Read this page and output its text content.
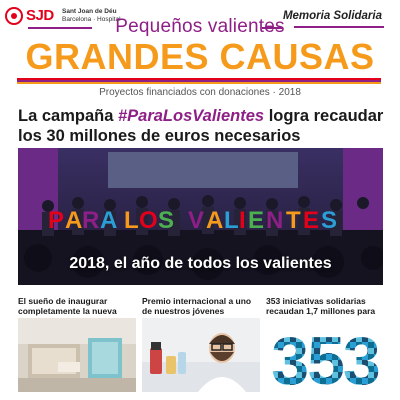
SJD Sant Joan de Déu
Barcelona · Hospital	Memoria Solidaria
Pequeños valientes
GRANDES CAUSAS
Proyectos financiados con donaciones · 2018
La campaña #ParaLosValientes logra recaudar los 30 millones de euros necesarios
P A R A L O S V A L I E N T E S
2018, el año de todos los valientes
El sueño de inaugurar completamente la nueva
Premio internacional a uno de nuestros jóvenes
353 iniciativas solidarias recaudan 1,7 millones para
353
